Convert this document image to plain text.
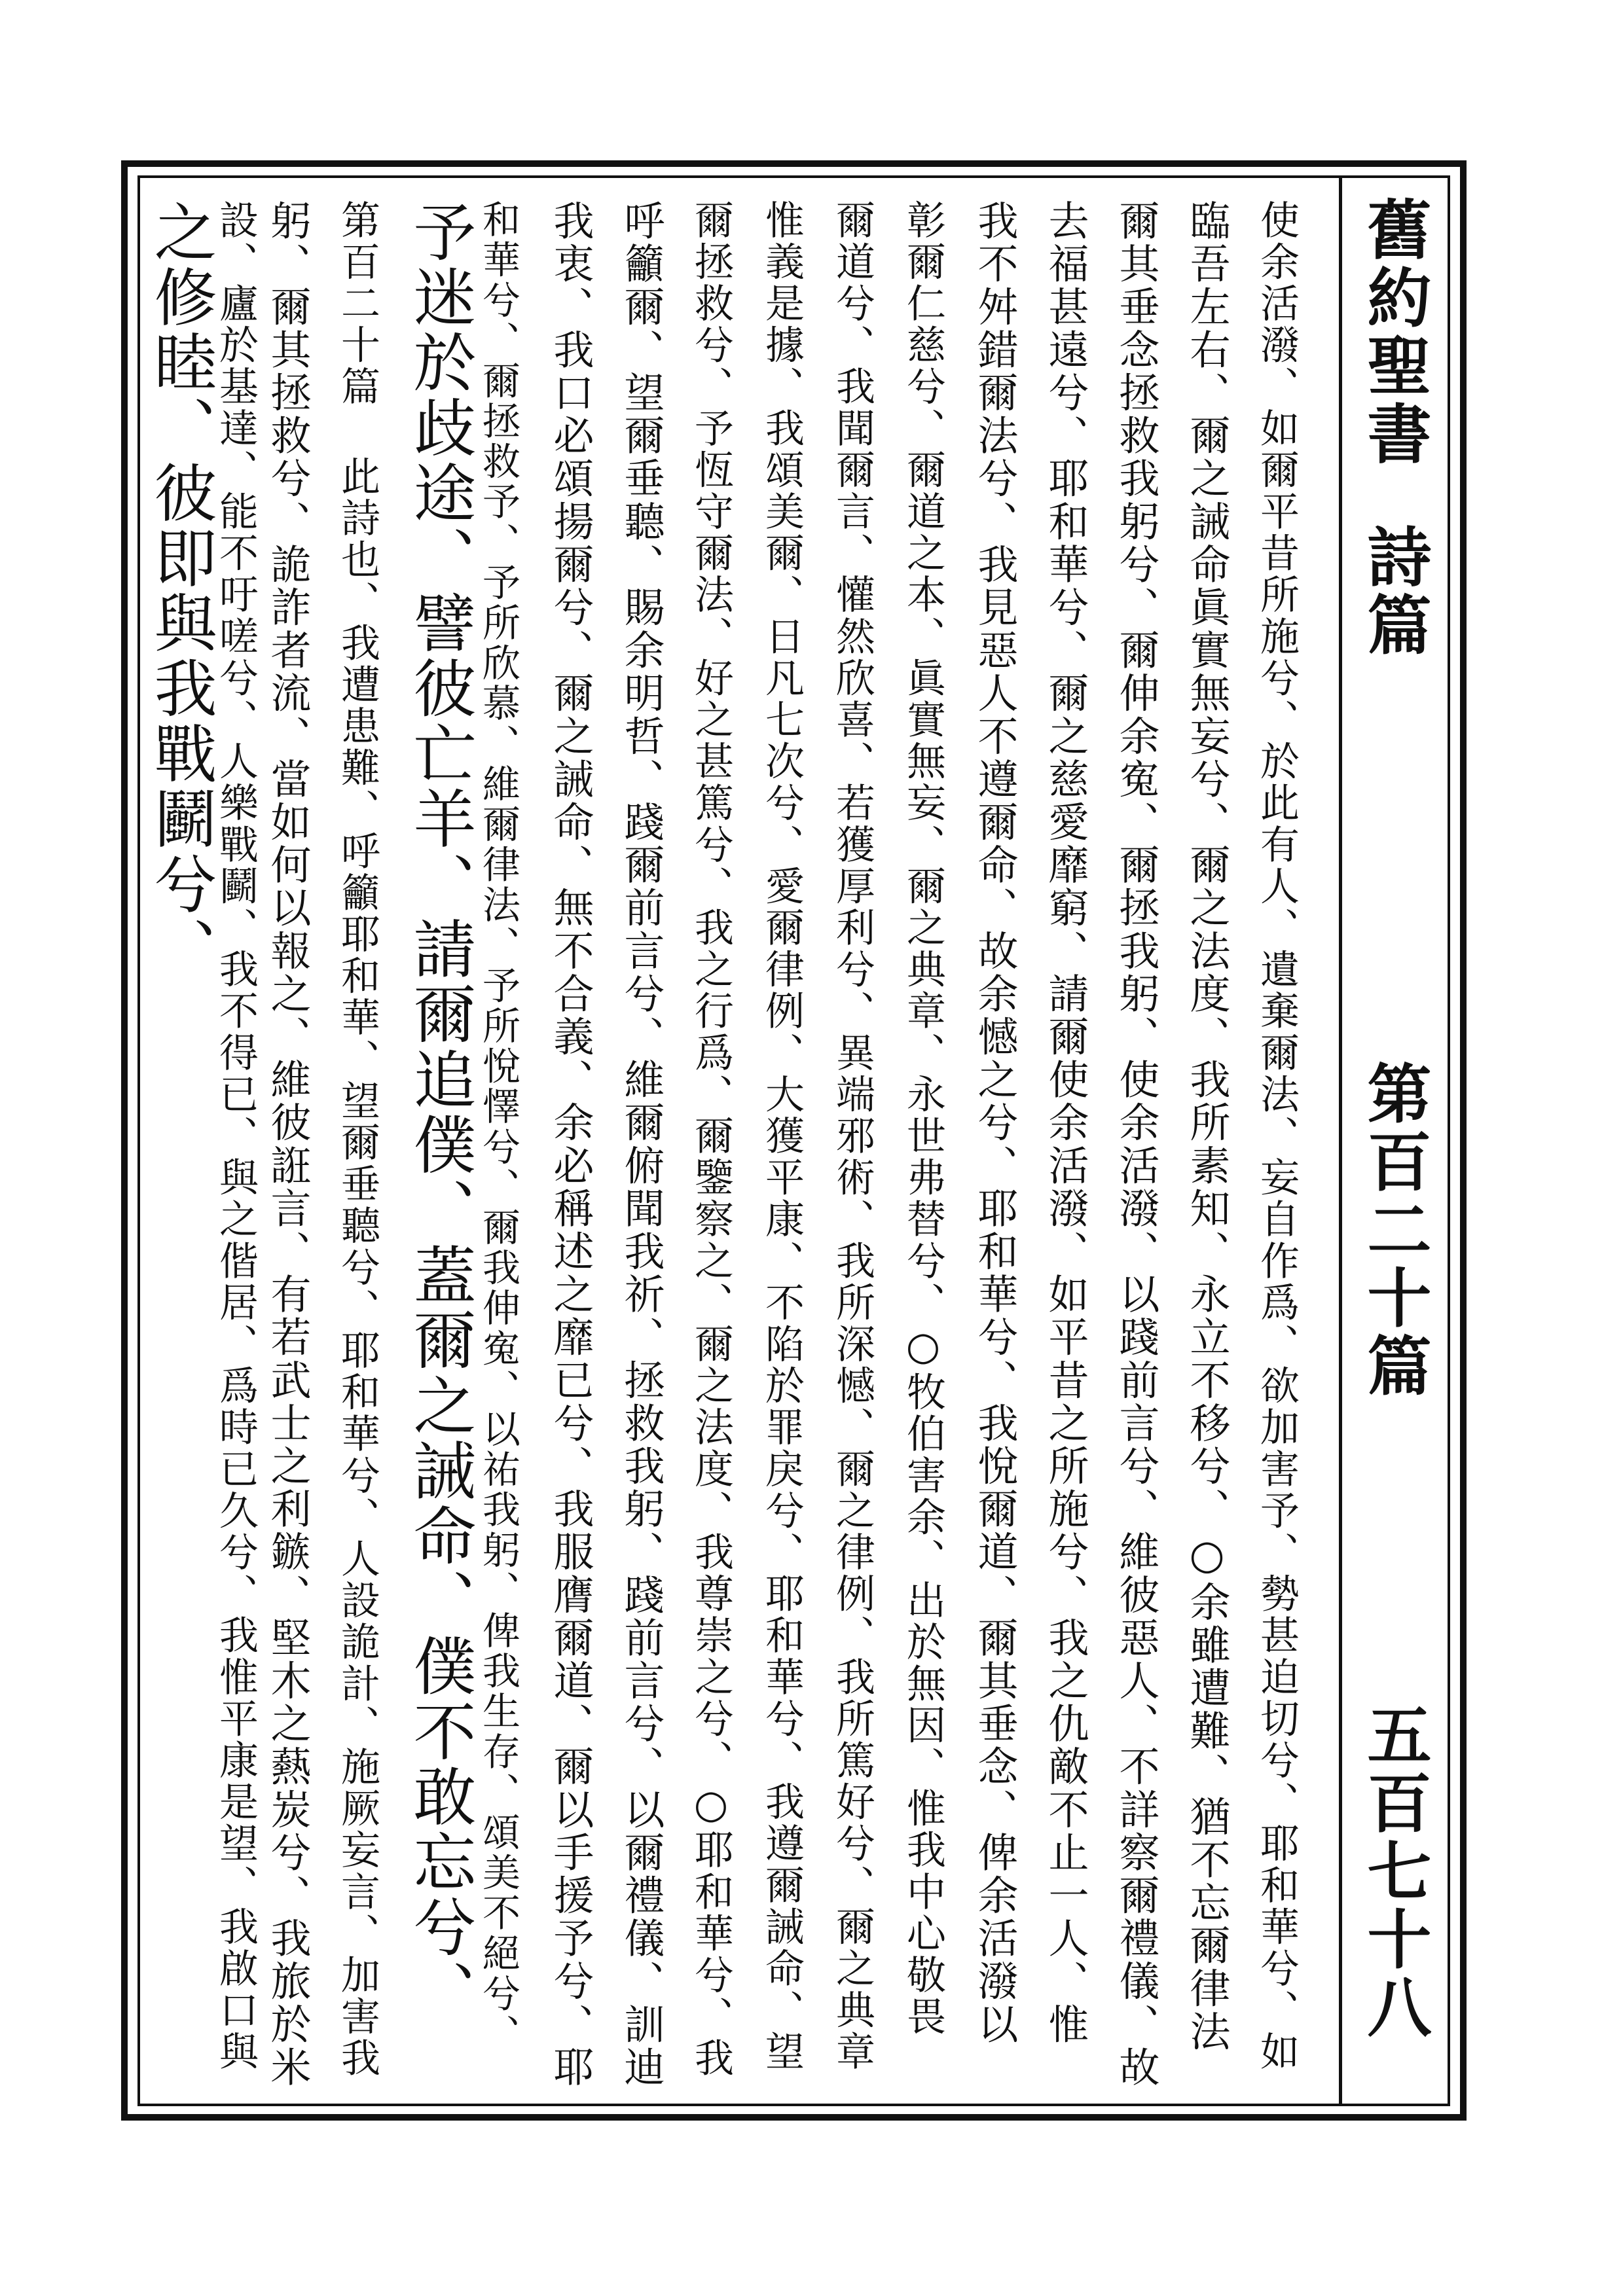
舊約聖書
詩篇
第百二十篇
五百七十八
使余活潑、如爾平昔所施兮、於此有人、遺棄爾法、妄自作爲、欲加害予、勢甚迫切兮、耶和華兮、如
臨吾左右、爾之誡命眞實無妄兮、爾之法度、我所素知、永立不移兮、○余雖遭難、猶不忘爾律法
爾其垂念拯救我躬兮、爾伸余寃、爾拯我躬、使余活潑、以踐前言兮、維彼惡人、不詳察爾禮儀、故
去福甚遠兮、耶和華兮、爾之慈愛靡窮、請爾使余活潑、如平昔之所施兮、我之仇敵不止一人、惟
我不舛錯爾法兮、我見惡人不遵爾命、故余憾之兮、耶和華兮、我悅爾道、爾其垂念、俾余活潑以
彰爾仁慈兮、爾道之本、眞實無妄、爾之典章、永世弗替兮、○牧伯害余、出於無因、惟我中心敬畏
爾道兮、我聞爾言、懽然欣喜、若獲厚利兮、異端邪術、我所深憾、爾之律例、我所篤好兮、爾之典章
惟義是據、我頌美爾、日凡七次兮、愛爾律例、大獲平康、不陷於罪戾兮、耶和華兮、我遵爾誡命、望
爾拯救兮、予恆守爾法、好之甚篤兮、我之行爲、爾鑒察之、爾之法度、我尊崇之兮、○耶和華兮、我
呼籲爾、望爾垂聽、賜余明哲、踐爾前言兮、維爾俯聞我祈、拯救我躬、踐前言兮、以爾禮儀、訓迪
我衷、我口必頌揚爾兮、爾之誡命、無不合義、余必稱述之靡已兮、我服膺爾道、爾以手援予兮、耶
和華兮、爾拯救予、予所欣慕、維爾律法、予所悅懌兮、爾我伸寃、以祐我躬、俾我生存、頌美不絕兮、
予迷於歧途、譬彼亡羊、請爾追僕、蓋爾之誡命、僕不敢忘兮、
第百二十篇 此詩也、我遭患難、呼籲耶和華、望爾垂聽兮、耶和華兮、人設詭計、施厥妄言、加害我
躬、爾其拯救兮、詭詐者流、當如何以報之、維彼誑言、有若武士之利鏃、堅木之爇炭兮、我旅於米
設、廬於基達、能不吁嗟兮、人樂戰鬬、我不得已、與之偕居、爲時已久兮、我惟平康是望、我啟口與
之修睦、彼即與我戰鬬兮、
